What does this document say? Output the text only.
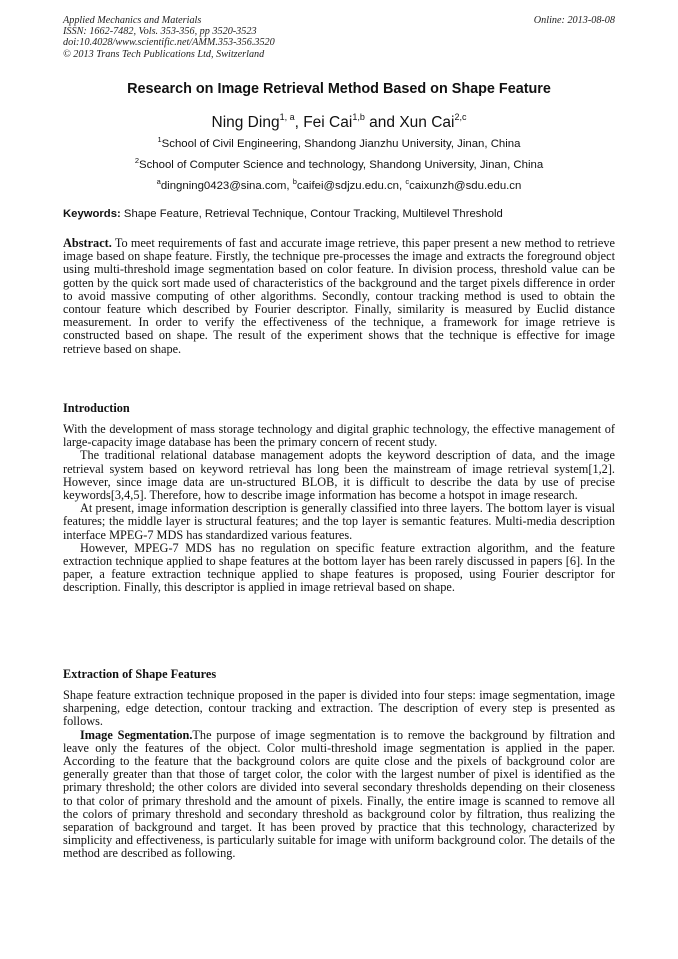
Applied Mechanics and Materials
ISSN: 1662-7482, Vols. 353-356, pp 3520-3523
doi:10.4028/www.scientific.net/AMM.353-356.3520
© 2013 Trans Tech Publications Ltd, Switzerland
Online: 2013-08-08
Research on Image Retrieval Method Based on Shape Feature
Ning Ding$^{1, a}$, Fei Cai$^{1,b}$ and Xun Cai$^{2,c}$
$^1$School of Civil Engineering, Shandong Jianzhu University, Jinan, China
$^2$School of Computer Science and technology, Shandong University, Jinan, China
$^a$dingning0423@sina.com, $^b$caifei@sdjzu.edu.cn, $^c$caixunzh@sdu.edu.cn
Keywords: Shape Feature, Retrieval Technique, Contour Tracking, Multilevel Threshold

Abstract. To meet requirements of fast and accurate image retrieve, this paper present a new method to retrieve image based on shape feature. Firstly, the technique pre-processes the image and extracts the foreground object using multi-threshold image segmentation based on color feature. In division process, threshold value can be gotten by the quick sort made used of characteristics of the background and the target pixels difference in order to avoid massive computing of other algorithms. Secondly, contour tracking method is used to obtain the contour feature which described by Fourier descriptor. Finally, similarity is measured by Euclid distance measurement. In order to verify the effectiveness of the technique, a framework for image retrieve is constructed based on shape. The result of the experiment shows that the technique is effective for image retrieve based on shape.

Introduction

With the development of mass storage technology and digital graphic technology, the effective management of large-capacity image database has been the primary concern of recent study.

The traditional relational database management adopts the keyword description of data, and the image retrieval system based on keyword retrieval has long been the mainstream of image retrieval system[1,2]. However, since image data are un-structured BLOB, it is difficult to describe the data by use of precise keywords[3,4,5]. Therefore, how to describe image information has become a hotspot in image research.

At present, image information description is generally classified into three layers. The bottom layer is visual features; the middle layer is structural features; and the top layer is semantic features. Multi-media description interface MPEG-7 MDS has standardized various features.

However, MPEG-7 MDS has no regulation on specific feature extraction algorithm, and the feature extraction technique applied to shape features at the bottom layer has been rarely discussed in papers [6]. In the paper, a feature extraction technique applied to shape features is proposed, using Fourier descriptor for description. Finally, this descriptor is applied in image retrieval based on shape.

Extraction of Shape Features

Shape feature extraction technique proposed in the paper is divided into four steps: image segmentation, image sharpening, edge detection, contour tracking and extraction. The description of every step is presented as follows.

Image Segmentation.The purpose of image segmentation is to remove the background by filtration and leave only the features of the object. Color multi-threshold image segmentation is applied in the paper. According to the feature that the background colors are quite close and the pixels of background color are generally greater than that those of target color, the color with the largest number of pixel is identified as the primary threshold; the other colors are divided into several secondary thresholds depending on their closeness to that color of primary threshold and the amount of pixels. Finally, the entire image is scanned to remove all the colors of primary threshold and secondary threshold as background color by filtration, thus realizing the separation of background and target. It has been proved by practice that this technology, characterized by simplicity and effectiveness, is particularly suitable for image with uniform background color. The details of the method are described as following.
